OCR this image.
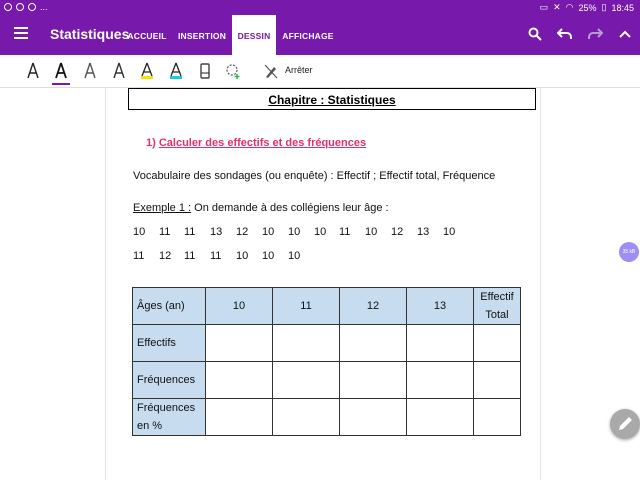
...	▭ ✕ ◠ 25% ▯ 18:45
Statistiques
ACCUEIL	INSERTION	DESSIN	AFFICHAGE
Arrêter
Chapitre : Statistiques
1) Calculer des effectifs et des fréquences
Vocabulaire des sondages (ou enquête) : Effectif ; Effectif total, Fréquence
Exemple 1 : On demande à des collégiens leur âge :
10 11 11 13 12 10 10 10 11 10 12 13 10
11 12 11 11 10 10 10
Âges (an)	10	11	12	13	Effectif
Total

Effectifs					

Fréquences					

Fréquences
en %					

35 kB
